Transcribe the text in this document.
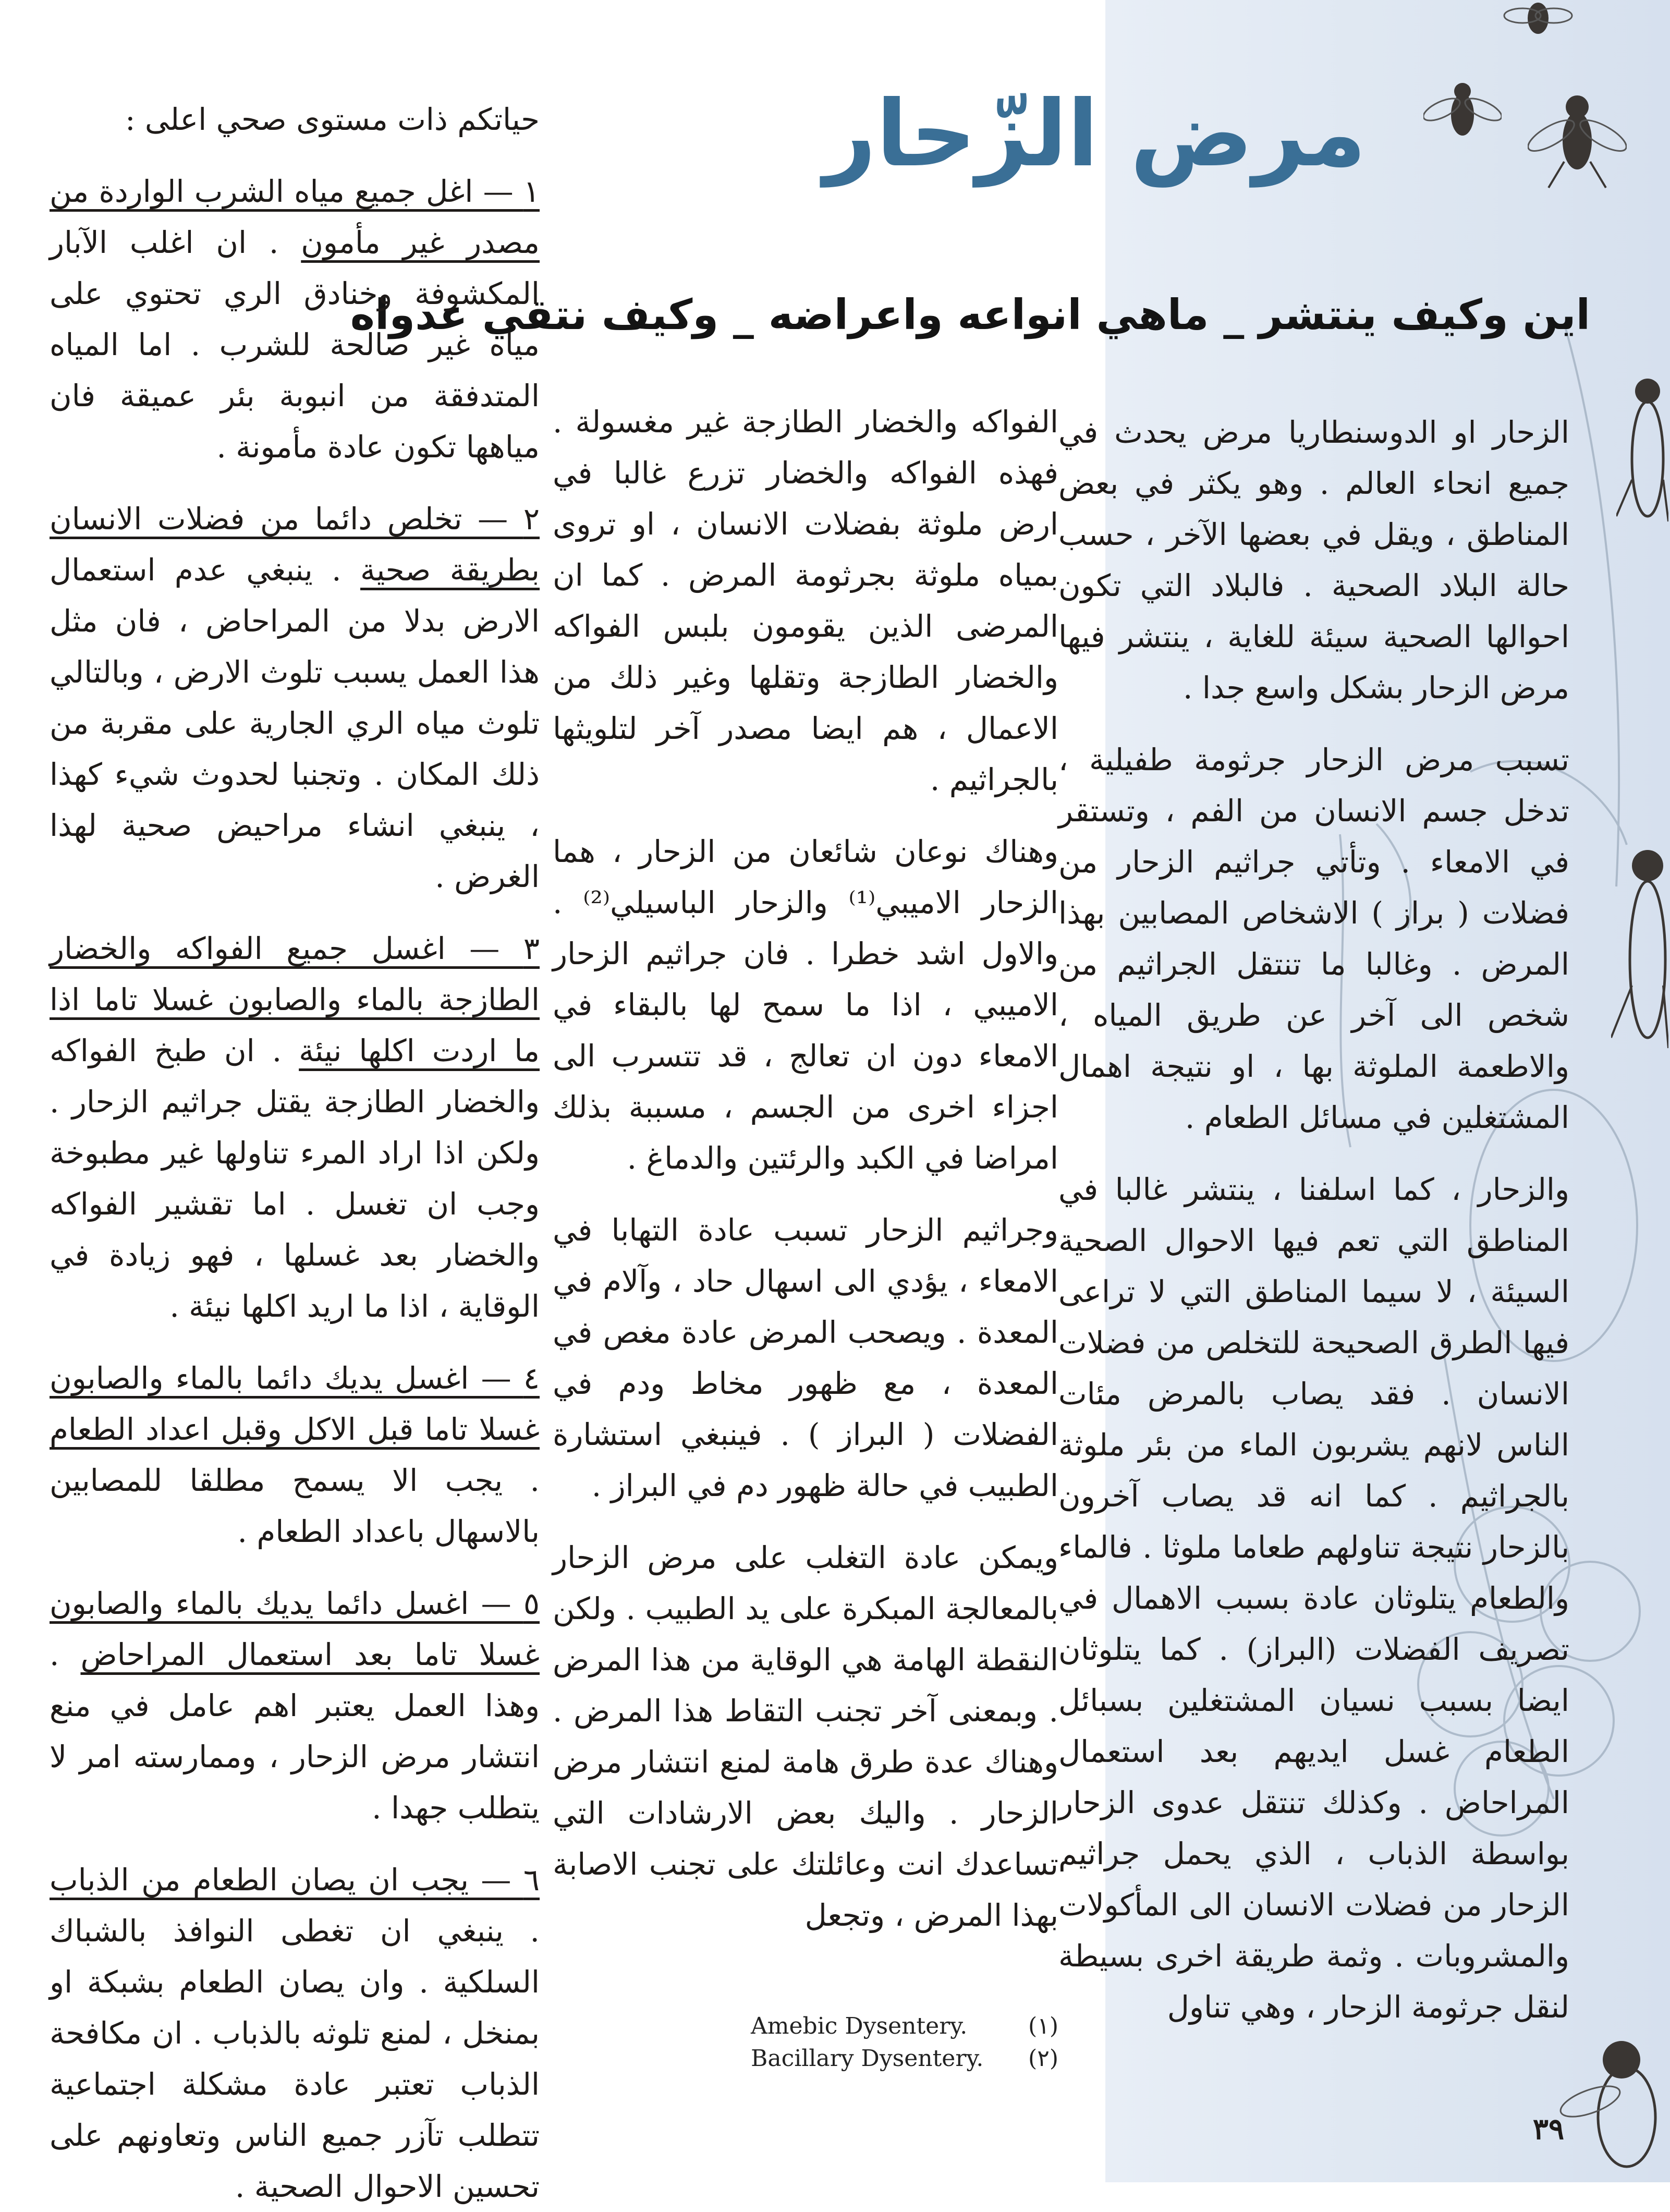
مرض الزّحار
اين وكيف ينتشر _ ماهي انواعه واعراضه _ وكيف نتقي عدواه

الزحار او الدوسنطاريا مرض يحدث في جميع انحاء العالم . وهو يكثر في بعض المناطق ، ويقل في بعضها الآخر ، حسب حالة البلاد الصحية . فالبلاد التي تكون احوالها الصحية سيئة للغاية ، ينتشر فيها مرض الزحار بشكل واسع جدا .

تسبب مرض الزحار جرثومة طفيلية ، تدخل جسم الانسان من الفم ، وتستقر في الامعاء . وتأتي جراثيم الزحار من فضلات ( براز ) الاشخاص المصابين بهذا المرض . وغالبا ما تنتقل الجراثيم من شخص الى آخر عن طريق المياه ، والاطعمة الملوثة بها ، او نتيجة اهمال المشتغلين في مسائل الطعام .

والزحار ، كما اسلفنا ، ينتشر غالبا في المناطق التي تعم فيها الاحوال الصحية السيئة ، لا سيما المناطق التي لا تراعى فيها الطرق الصحيحة للتخلص من فضلات الانسان . فقد يصاب بالمرض مئات الناس لانهم يشربون الماء من بئر ملوثة بالجراثيم . كما انه قد يصاب آخرون بالزحار نتيجة تناولهم طعاما ملوثا . فالماء والطعام يتلوثان عادة بسبب الاهمال في تصريف الفضلات (البراز) . كما يتلوثان ايضا بسبب نسيان المشتغلين بسبائل الطعام غسل ايديهم بعد استعمال المراحاض . وكذلك تنتقل عدوى الزحار بواسطة الذباب ، الذي يحمل جراثيم الزحار من فضلات الانسان الى المأكولات والمشروبات . وثمة طريقة اخرى بسيطة لنقل جرثومة الزحار ، وهي تناول

الفواكه والخضار الطازجة غير مغسولة . فهذه الفواكه والخضار تزرع غالبا في ارض ملوثة بفضلات الانسان ، او تروى بمياه ملوثة بجرثومة المرض . كما ان المرضى الذين يقومون بلبس الفواكه والخضار الطازجة وتقلها وغير ذلك من الاعمال ، هم ايضا مصدر آخر لتلويثها بالجراثيم .

وهناك نوعان شائعان من الزحار ، هما الزحار الاميبي⁽¹⁾ والزحار الباسيلي⁽²⁾ . والاول اشد خطرا . فان جراثيم الزحار الاميبي ، اذا ما سمح لها بالبقاء في الامعاء دون ان تعالج ، قد تتسرب الى اجزاء اخرى من الجسم ، مسببة بذلك امراضا في الكبد والرئتين والدماغ .

وجراثيم الزحار تسبب عادة التهابا في الامعاء ، يؤدي الى اسهال حاد ، وآلام في المعدة . ويصحب المرض عادة مغص في المعدة ، مع ظهور مخاط ودم في الفضلات ( البراز ) . فينبغي استشارة الطبيب في حالة ظهور دم في البراز .

ويمكن عادة التغلب على مرض الزحار بالمعالجة المبكرة على يد الطبيب . ولكن النقطة الهامة هي الوقاية من هذا المرض . وبمعنى آخر تجنب التقاط هذا المرض . وهناك عدة طرق هامة لمنع انتشار مرض الزحار . واليك بعض الارشادات التي تساعدك انت وعائلتك على تجنب الاصابة بهذا المرض ، وتجعل

حياتكم ذات مستوى صحي اعلى :

١ — اغل جميع مياه الشرب الواردة من مصدر غير مأمون . ان اغلب الآبار المكشوفة وخنادق الري تحتوي على مياه غير صالحة للشرب . اما المياه المتدفقة من انبوبة بئر عميقة فان مياهها تكون عادة مأمونة .

٢ — تخلص دائما من فضلات الانسان بطريقة صحية . ينبغي عدم استعمال الارض بدلا من المراحاض ، فان مثل هذا العمل يسبب تلوث الارض ، وبالتالي تلوث مياه الري الجارية على مقربة من ذلك المكان . وتجنبا لحدوث شيء كهذا ، ينبغي انشاء مراحيض صحية لهذا الغرض .

٣ — اغسل جميع الفواكه والخضار الطازجة بالماء والصابون غسلا تاما اذا ما اردت اكلها نيئة . ان طبخ الفواكه والخضار الطازجة يقتل جراثيم الزحار . ولكن اذا اراد المرء تناولها غير مطبوخة وجب ان تغسل . اما تقشير الفواكه والخضار بعد غسلها ، فهو زيادة في الوقاية ، اذا ما اريد اكلها نيئة .

٤ — اغسل يديك دائما بالماء والصابون غسلا تاما قبل الاكل وقبل اعداد الطعام . يجب الا يسمح مطلقا للمصابين بالاسهال باعداد الطعام .

٥ — اغسل دائما يديك بالماء والصابون غسلا تاما بعد استعمال المراحاض . وهذا العمل يعتبر اهم عامل في منع انتشار مرض الزحار ، وممارسته امر لا يتطلب جهدا .

٦ — يجب ان يصان الطعام من الذباب . ينبغي ان تغطى النوافذ بالشباك السلكية . وان يصان الطعام بشبكة او بمنخل ، لمنع تلوثه بالذباب . ان مكافحة الذباب تعتبر عادة مشكلة اجتماعية تتطلب تآزر جميع الناس وتعاونهم على تحسين الاحوال الصحية .

Amebic Dysentery.	(١)
Bacillary Dysentery. (٢)
٣٩
